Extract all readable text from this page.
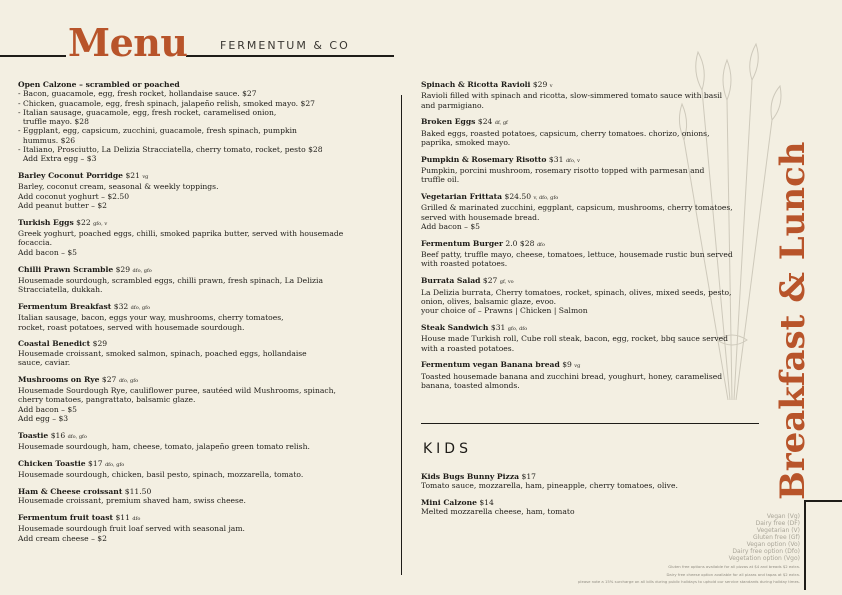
Menu	FERMENTUM & CO
Open Calzone – scrambled or poached
- Bacon, guacamole, egg, fresh rocket, hollandaise sauce. $27
- Chicken, guacamole, egg, fresh spinach, jalapeño relish, smoked mayo. $27
- Italian sausage, guacamole, egg, fresh rocket, caramelised onion,
truffle mayo. $28
- Eggplant, egg, capsicum, zucchini, guacamole, fresh spinach, pumpkin
hummus. $26
- Italiano, Prosciutto, La Delizia Stracciatella, cherry tomato, rocket, pesto $28
Add Extra egg – $3
Barley Coconut Porridge $21 vg
Barley, coconut cream, seasonal & weekly toppings.
Add coconut yoghurt – $2.50
Add peanut butter – $2
Turkish Eggs $22 gfo, v
Greek yoghurt, poached eggs, chilli, smoked paprika butter, served with housemade
focaccia.
Add bacon – $5
Chilli Prawn Scramble $29 dfo, gfo
Housemade sourdough, scrambled eggs, chilli prawn, fresh spinach, La Delizia
Stracciatella, dukkah.
Fermentum Breakfast $32 dfo, gfo
Italian sausage, bacon, eggs your way, mushrooms, cherry tomatoes,
rocket, roast potatoes, served with housemade sourdough.
Coastal Benedict $29
Housemade croissant, smoked salmon, spinach, poached eggs, hollandaise
sauce, caviar.
Mushrooms on Rye $27 dfo, gfo
Housemade Sourdough Rye, cauliflower puree, sautéed wild Mushrooms, spinach,
cherry tomatoes, pangrattato, balsamic glaze.
Add bacon – $5
Add egg – $3
Toastie $16 dfo, gfo
Housemade sourdough, ham, cheese, tomato, jalapeño green tomato relish.
Chicken Toastie $17 dfo, gfo
Housemade sourdough, chicken, basil pesto, spinach, mozzarella, tomato.
Ham & Cheese croissant $11.50
Housemade croissant, premium shaved ham, swiss cheese.
Fermentum fruit toast $11 dfo
Housemade sourdough fruit loaf served with seasonal jam.
Add cream cheese – $2
Spinach & Ricotta Ravioli $29 v
Ravioli filled with spinach and ricotta, slow-simmered tomato sauce with basil
and parmigiano.
Broken Eggs $24 df, gf
Baked eggs, roasted potatoes, capsicum, cherry tomatoes. chorizo, onions,
paprika, smoked mayo.
Pumpkin & Rosemary Risotto $31 dfo, v
Pumpkin, porcini mushroom, rosemary risotto topped with parmesan and
truffle oil.
Vegetarian Frittata $24.50 v, dfo, gfo
Grilled & marinated zucchini, eggplant, capsicum, mushrooms, cherry tomatoes,
served with housemade bread.
Add bacon – $5
Fermentum Burger 2.0 $28 dfo
Beef patty, truffle mayo, cheese, tomatoes, lettuce, housemade rustic bun served
with roasted potatoes.
Burrata Salad $27 gf, vo
La Delizia burrata, Cherry tomatoes, rocket, spinach, olives, mixed seeds, pesto,
onion, olives, balsamic glaze, evoo.
your choice of – Prawns | Chicken | Salmon
Steak Sandwich $31 gfo, dfo
House made Turkish roll, Cube roll steak, bacon, egg, rocket, bbq sauce served
with a roasted potatoes.
Fermentum vegan Banana bread $9 vg
Toasted housemade banana and zucchini bread, youghurt, honey, caramelised
banana, toasted almonds.
KIDS
Kids Bugs Bunny Pizza $17
Tomato sauce, mozzarella, ham, pineapple, cherry tomatoes, olive.
Mini Calzone $14
Melted mozzarella cheese, ham, tomato
Breakfast & Lunch
Vegan (Vg)
Dairy free (DF)
Vegetarian (V)
Gluten free (Gf)
Vegan option (Vo)
Dairy free option (Dfo)
Vegetation option (Vgo)
Gluten free options available for all pizzas at $4 and breads $2 extra.
Dairy free cheese option available for all pizzas and tapas at $2 extra.
please note a 15% surcharge on all bills during public holidays to uphold our service standards during holiday times.
